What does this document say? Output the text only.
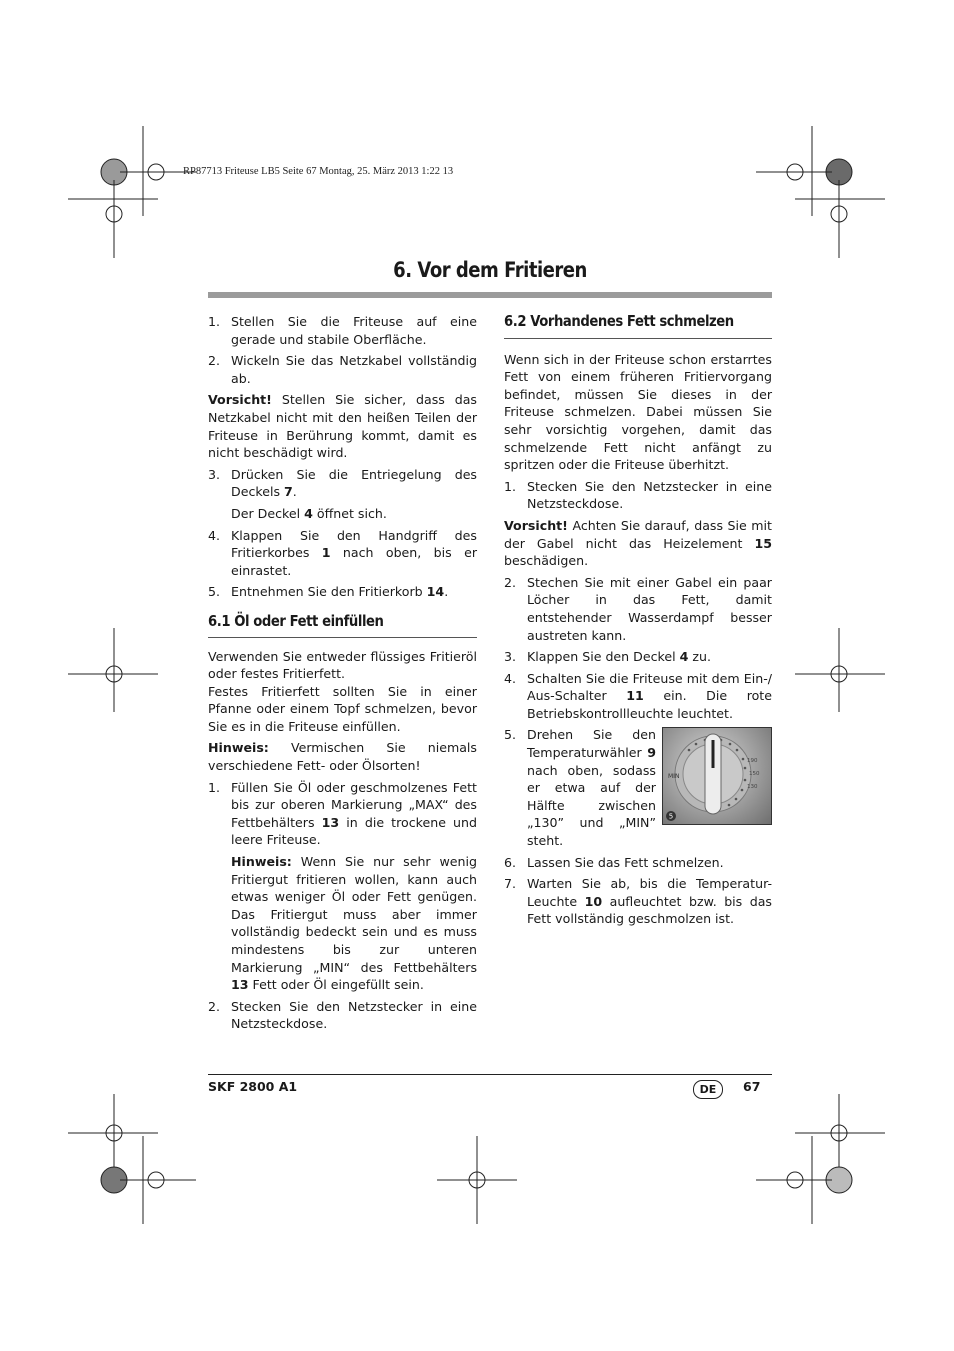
RP87713 Friteuse LB5 Seite 67 Montag, 25. März 2013 1:22 13
6. Vor dem Fritieren
1. Stellen Sie die Friteuse auf eine gerade und stabile Oberfläche.
2. Wickeln Sie das Netzkabel vollständig ab.

Vorsicht! Stellen Sie sicher, dass das Netzkabel nicht mit den heißen Teilen der Friteuse in Berührung kommt, damit es nicht beschädigt wird.

3. Drücken Sie die Entriegelung des Deckels 7.

Der Deckel 4 öffnet sich.

4. Klappen Sie den Handgriff des Fritierkorbes 1 nach oben, bis er einrastet.
5. Entnehmen Sie den Fritierkorb 14.
6.1 Öl oder Fett einfüllen

Verwenden Sie entweder flüssiges Fritieröl oder festes Fritierfett.

Festes Fritierfett sollten Sie in einer Pfanne oder einem Topf schmelzen, bevor Sie es in die Friteuse einfüllen.

Hinweis: Vermischen Sie niemals verschiedene Fett- oder Ölsorten!

1. Füllen Sie Öl oder geschmolzenes Fett bis zur oberen Markierung „MAX“ des Fettbehälters 13 in die trockene und leere Friteuse.

Hinweis: Wenn Sie nur sehr wenig Fritiergut fritieren wollen, kann auch etwas weniger Öl oder Fett genügen. Das Fritiergut muss aber immer vollständig bedeckt sein und es muss mindestens bis zur unteren Markierung „MIN“ des Fettbehälters 13 Fett oder Öl eingefüllt sein.

2. Stecken Sie den Netzstecker in eine Netzsteckdose.
6.2 Vorhandenes Fett schmelzen

Wenn sich in der Friteuse schon erstarrtes Fett von einem früheren Fritiervorgang befindet, müssen Sie dieses in der Friteuse schmelzen. Dabei müssen Sie sehr vorsichtig vorgehen, damit das schmelzende Fett nicht anfängt zu spritzen oder die Friteuse überhitzt.

1. Stecken Sie den Netzstecker in eine Netzsteckdose.

Vorsicht! Achten Sie darauf, dass Sie mit der Gabel nicht das Heizelement 15 beschädigen.

2. Stechen Sie mit einer Gabel ein paar Löcher in das Fett, damit entstehender Wasserdampf besser austreten kann.
3. Klappen Sie den Deckel 4 zu.
4. Schalten Sie die Friteuse mit dem Ein-/ Aus-Schalter 11 ein. Die rote Betriebskontrollleuchte leuchtet.
5.
MIN
190
150
130
5
Drehen Sie den Temperaturwähler 9 nach oben, sodass er etwa auf der Hälfte zwischen „130” und „MIN” steht.
6. Lassen Sie das Fett schmelzen.
7. Warten Sie ab, bis die Temperatur-Leuchte 10 aufleuchtet bzw. bis das Fett vollständig geschmolzen ist.
SKF 2800 A1	DE	67
